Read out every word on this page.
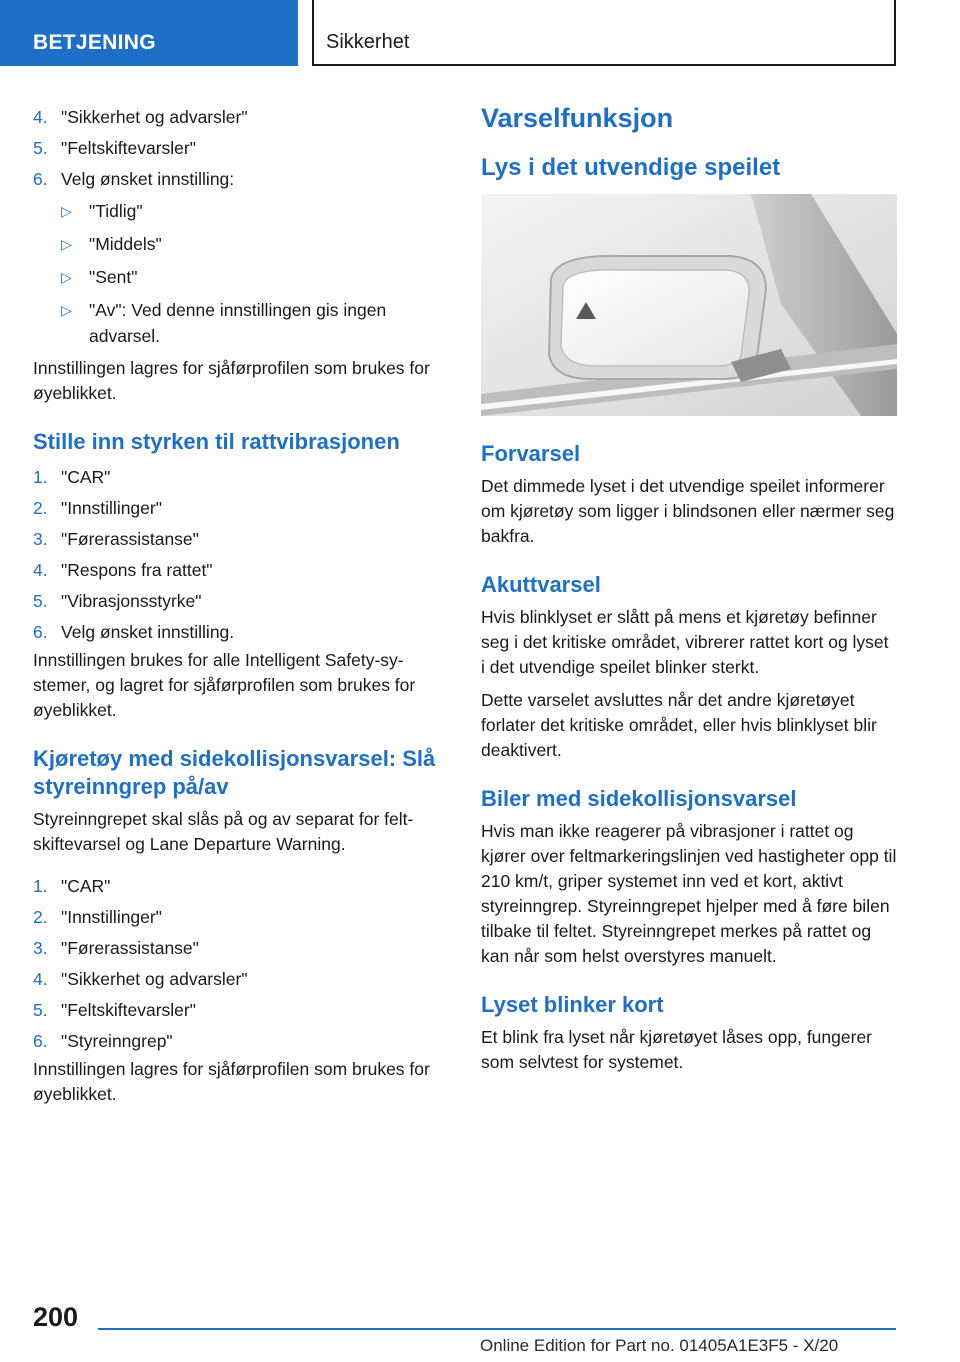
BETJENING	Sikkerhet
4. "Sikkerhet og advarsler"
5. "Feltskiftevarsler"
6. Velg ønsket innstilling:
▷ "Tidlig"
▷ "Middels"
▷ "Sent"
▷ "Av": Ved denne innstillingen gis ingen advarsel.

Innstillingen lagres for sjåførprofilen som brukes for øyeblikket.

Stille inn styrken til rattvibrasjonen
1. "CAR"
2. "Innstillinger"
3. "Førerassistanse"
4. "Respons fra rattet"
5. "Vibrasjonsstyrke"
6. Velg ønsket innstilling.

Innstillingen brukes for alle Intelligent Safety-systemer, og lagret for sjåførprofilen som brukes for øyeblikket.

Kjøretøy med sidekollisjonsvarsel: Slå styreinngrep på/av

Styreinngrepet skal slås på og av separat for feltskiftevarsel og Lane Departure Warning.

1. "CAR"
2. "Innstillinger"
3. "Førerassistanse"
4. "Sikkerhet og advarsler"
5. "Feltskiftevarsler"
6. "Styreinngrep"

Innstillingen lagres for sjåførprofilen som brukes for øyeblikket.

Varselfunksjon
Lys i det utvendige speilet
Forvarsel

Det dimmede lyset i det utvendige speilet informerer om kjøretøy som ligger i blindsonen eller nærmer seg bakfra.

Akuttvarsel

Hvis blinklyset er slått på mens et kjøretøy befinner seg i det kritiske området, vibrerer rattet kort og lyset i det utvendige speilet blinker sterkt.

Dette varselet avsluttes når det andre kjøretøyet forlater det kritiske området, eller hvis blinklyset blir deaktivert.

Biler med sidekollisjonsvarsel

Hvis man ikke reagerer på vibrasjoner i rattet og kjører over feltmarkeringslinjen ved hastigheter opp til 210 km/t, griper systemet inn ved et kort, aktivt styreinngrep. Styreinngrepet hjelper med å føre bilen tilbake til feltet. Styreinngrepet merkes på rattet og kan når som helst overstyres manuelt.

Lyset blinker kort

Et blink fra lyset når kjøretøyet låses opp, fungerer som selvtest for systemet.

200
Online Edition for Part no. 01405A1E3F5 - X/20
